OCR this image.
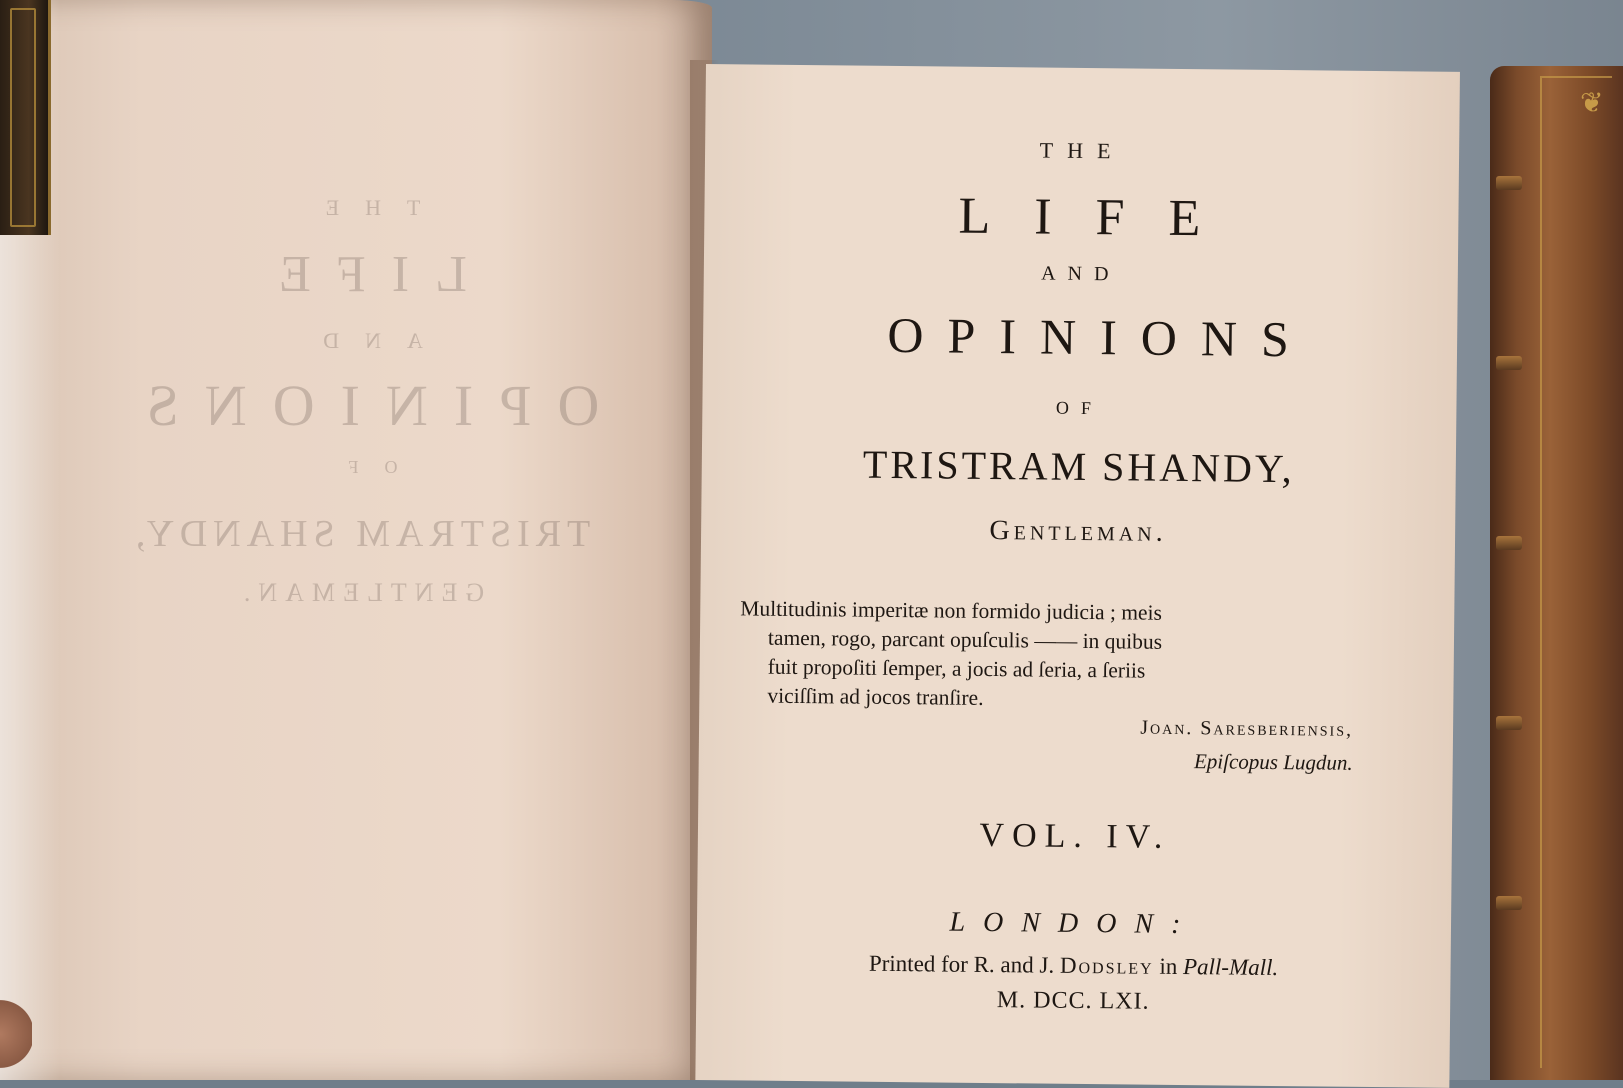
THE
LIFE
AND
OPINIONS
OF
TRISTRAM SHANDY,
GENTLEMAN.
THE
LIFE
AND
OPINIONS
OF
TRISTRAM SHANDY,
Gentleman.
Multitudinis imperitæ non formido judicia ; meis
tamen, rogo, parcant opuſculis —— in quibus
fuit propoſiti ſemper, a jocis ad ſeria, a ſeriis
viciſſim ad jocos tranſire.
Joan. Saresberiensis,
Epiſcopus Lugdun.
VOL. IV.
LONDON:
Printed for R. and J. Dodsley in Pall-Mall.
M. DCC. LXI.
❦
